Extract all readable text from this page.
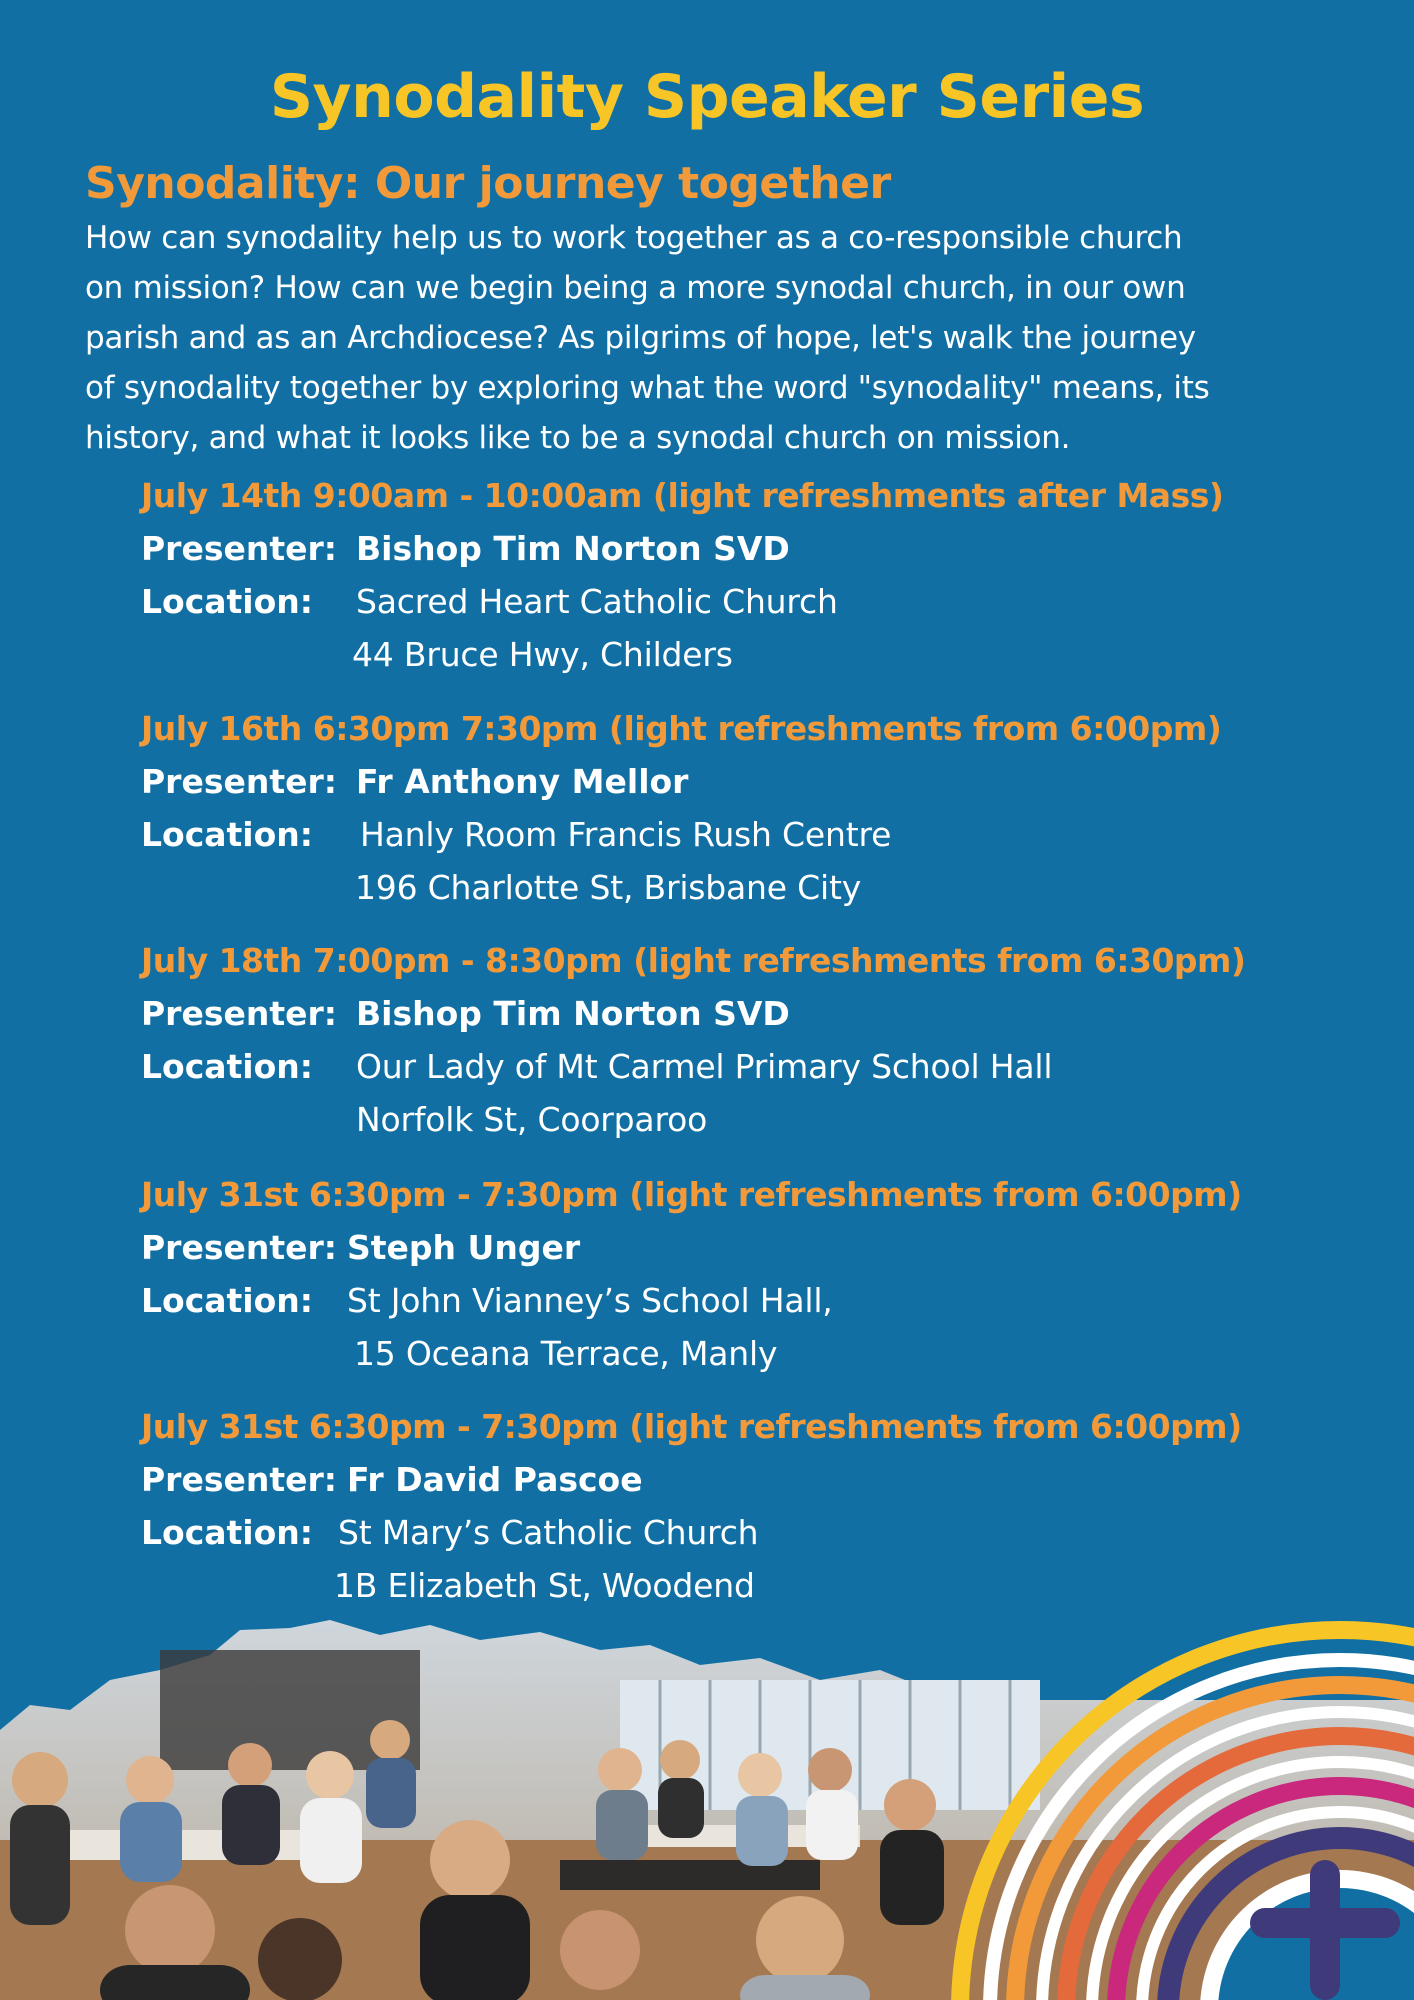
Synodality Speaker Series
Synodality: Our journey together
How can synodality help us to work together as a co-responsible church
on mission? How can we begin being a more synodal church, in our own
parish and as an Archdiocese? As pilgrims of hope, let's walk the journey
of synodality together by exploring what the word "synodality" means, its
history, and what it looks like to be a synodal church on mission.
July 14th 9:00am - 10:00am (light refreshments after Mass)
Presenter: Bishop Tim Norton SVD
Location: Sacred Heart Catholic Church
44 Bruce Hwy, Childers
July 16th 6:30pm 7:30pm (light refreshments from 6:00pm)
Presenter: Fr Anthony Mellor
Location: Hanly Room Francis Rush Centre
196 Charlotte St, Brisbane City
July 18th 7:00pm - 8:30pm (light refreshments from 6:30pm)
Presenter: Bishop Tim Norton SVD
Location: Our Lady of Mt Carmel Primary School Hall
Norfolk St, Coorparoo
July 31st 6:30pm - 7:30pm (light refreshments from 6:00pm)
Presenter: Steph Unger
Location: St John Vianney’s School Hall,
15 Oceana Terrace, Manly
July 31st 6:30pm - 7:30pm (light refreshments from 6:00pm)
Presenter: Fr David Pascoe
Location: St Mary’s Catholic Church
1B Elizabeth St, Woodend
